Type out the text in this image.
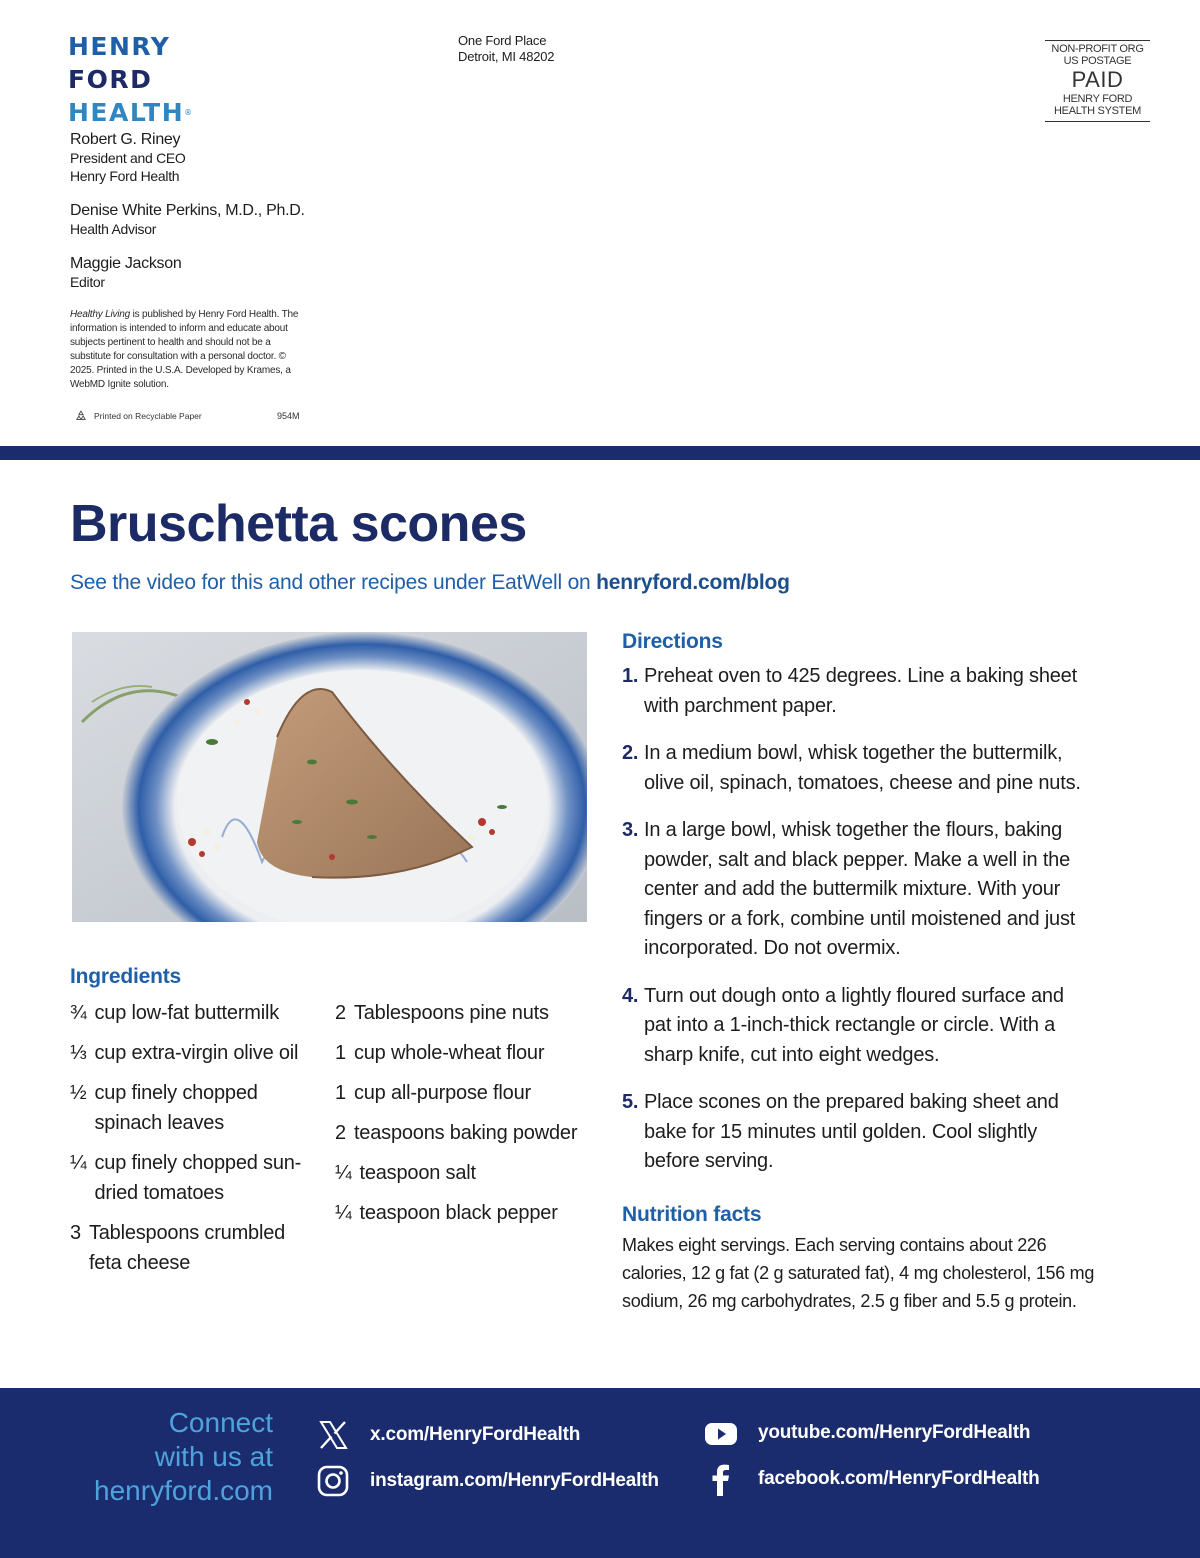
HENRY
FORD
HEALTH®
Robert G. Riney
President and CEO
Henry Ford Health
Denise White Perkins, M.D., Ph.D.
Health Advisor
Maggie Jackson
Editor
Healthy Living is published by Henry Ford Health. The information is intended to inform and educate about subjects pertinent to health and should not be a substitute for consultation with a personal doctor. © 2025. Printed in the U.S.A. Developed by Krames, a WebMD Ignite solution.
Printed on Recyclable Paper	954M
One Ford Place
Detroit, MI 48202	NON-PROFIT ORG
US POSTAGE
PAID
HENRY FORD
HEALTH SYSTEM
Bruschetta scones
See the video for this and other recipes under EatWell on henryford.com/blog
Ingredients
¾ cup low-fat buttermilk
⅓ cup extra-virgin olive oil
½ cup finely chopped spinach leaves
¼ cup finely chopped sun-dried tomatoes
3 Tablespoons crumbled feta cheese
2 Tablespoons pine nuts
1 cup whole-wheat flour
1 cup all-purpose flour
2 teaspoons baking powder
¼ teaspoon salt
¼ teaspoon black pepper
Directions
1. Preheat oven to 425 degrees. Line a baking sheet with parchment paper.
2. In a medium bowl, whisk together the buttermilk, olive oil, spinach, tomatoes, cheese and pine nuts.
3. In a large bowl, whisk together the flours, baking powder, salt and black pepper. Make a well in the center and add the buttermilk mixture. With your fingers or a fork, combine until moistened and just incorporated. Do not overmix.
4. Turn out dough onto a lightly floured surface and pat into a 1-inch-thick rectangle or circle. With a sharp knife, cut into eight wedges.
5. Place scones on the prepared baking sheet and bake for 15 minutes until golden. Cool slightly before serving.
Nutrition facts
Makes eight servings. Each serving contains about 226 calories, 12 g fat (2 g saturated fat), 4 mg cholesterol, 156 mg sodium, 26 mg carbohydrates, 2.5 g fiber and 5.5 g protein.
Connect
with us at
henryford.com
x.com/HenryFordHealth
instagram.com/HenryFordHealth
youtube.com/HenryFordHealth
facebook.com/HenryFordHealth
